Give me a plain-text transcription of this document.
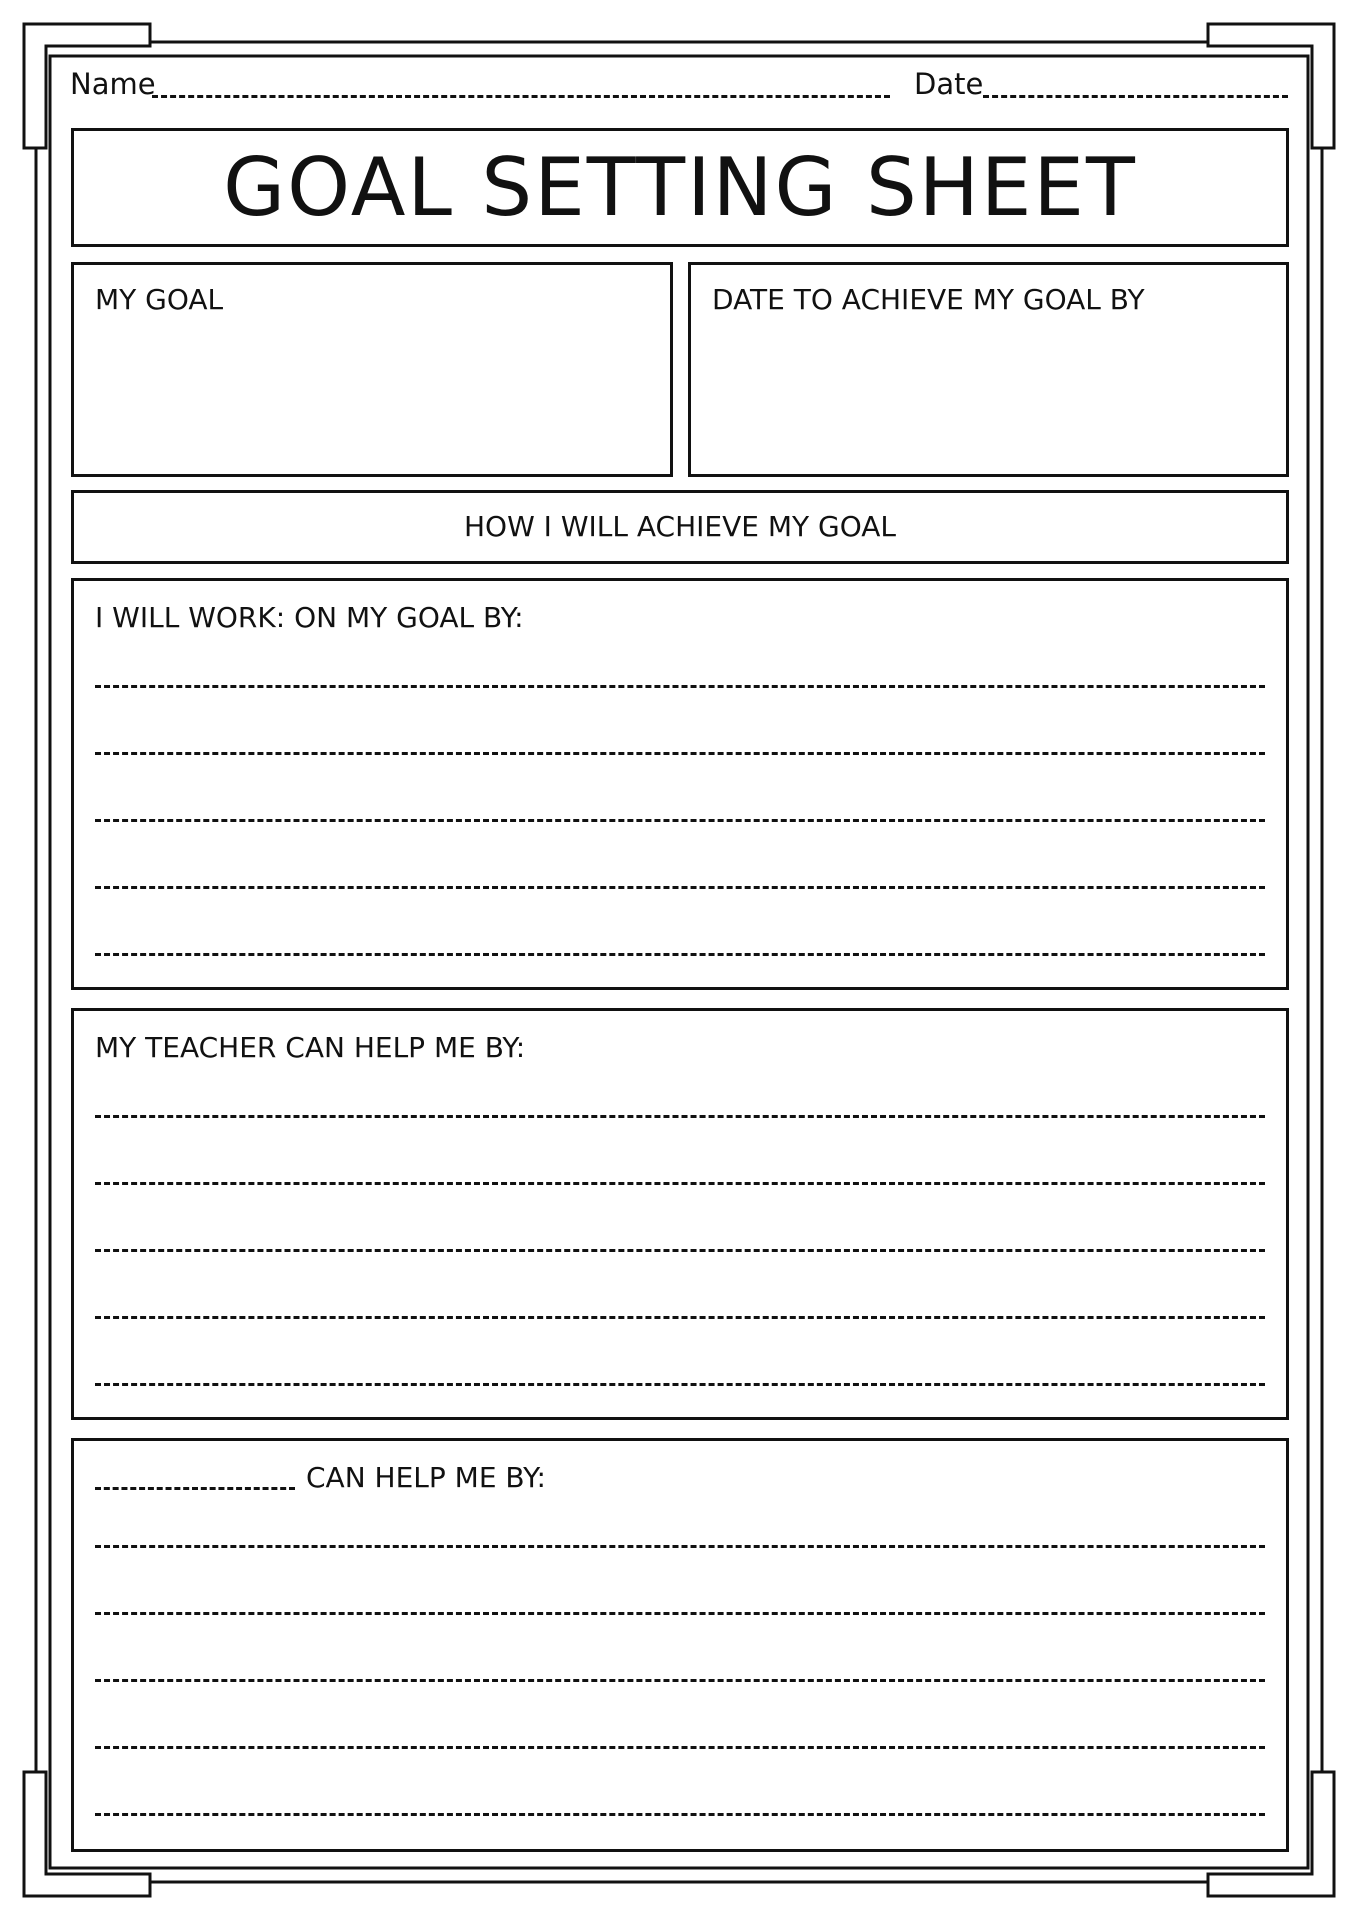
Name	Date
GOAL SETTING SHEET
MY GOAL	DATE TO ACHIEVE MY GOAL BY
HOW I WILL ACHIEVE MY GOAL
I WILL WORK: ON MY GOAL BY:
MY TEACHER CAN HELP ME BY:
CAN HELP ME BY:
